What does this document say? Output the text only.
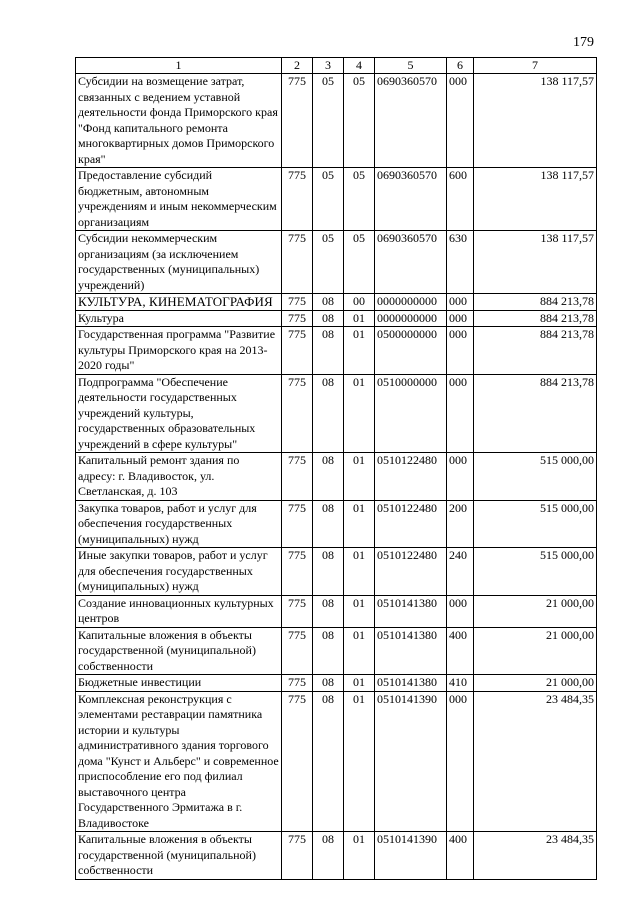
179
1	2	3	4	5	6	7
Субсидии на возмещение затрат, связанных с ведением уставной деятельности фонда Приморского края "Фонд капитального ремонта многоквартирных домов Приморского края"	775	05	05	0690360570	000	138 117,57
Предоставление субсидий бюджетным, автономным учреждениям и иным некоммерческим организациям	775	05	05	0690360570	600	138 117,57
Субсидии некоммерческим организациям (за исключением государственных (муниципальных) учреждений)	775	05	05	0690360570	630	138 117,57
КУЛЬТУРА, КИНЕМАТОГРАФИЯ	775	08	00	0000000000	000	884 213,78
Культура	775	08	01	0000000000	000	884 213,78
Государственная программа "Развитие культуры Приморского края на 2013-2020 годы"	775	08	01	0500000000	000	884 213,78
Подпрограмма "Обеспечение деятельности государственных учреждений культуры, государственных образовательных учреждений в сфере культуры"	775	08	01	0510000000	000	884 213,78
Капитальный ремонт здания по адресу: г. Владивосток, ул. Светланская, д. 103	775	08	01	0510122480	000	515 000,00
Закупка товаров, работ и услуг для обеспечения государственных (муниципальных) нужд	775	08	01	0510122480	200	515 000,00
Иные закупки товаров, работ и услуг для обеспечения государственных (муниципальных) нужд	775	08	01	0510122480	240	515 000,00
Создание инновационных культурных центров	775	08	01	0510141380	000	21 000,00
Капитальные вложения в объекты государственной (муниципальной) собственности	775	08	01	0510141380	400	21 000,00
Бюджетные инвестиции	775	08	01	0510141380	410	21 000,00
Комплексная реконструкция с элементами реставрации памятника истории и культуры административного здания торгового дома "Кунст и Альберс" и современное приспособление его под филиал выставочного центра Государственного Эрмитажа в г. Владивостоке	775	08	01	0510141390	000	23 484,35
Капитальные вложения в объекты государственной (муниципальной) собственности	775	08	01	0510141390	400	23 484,35
